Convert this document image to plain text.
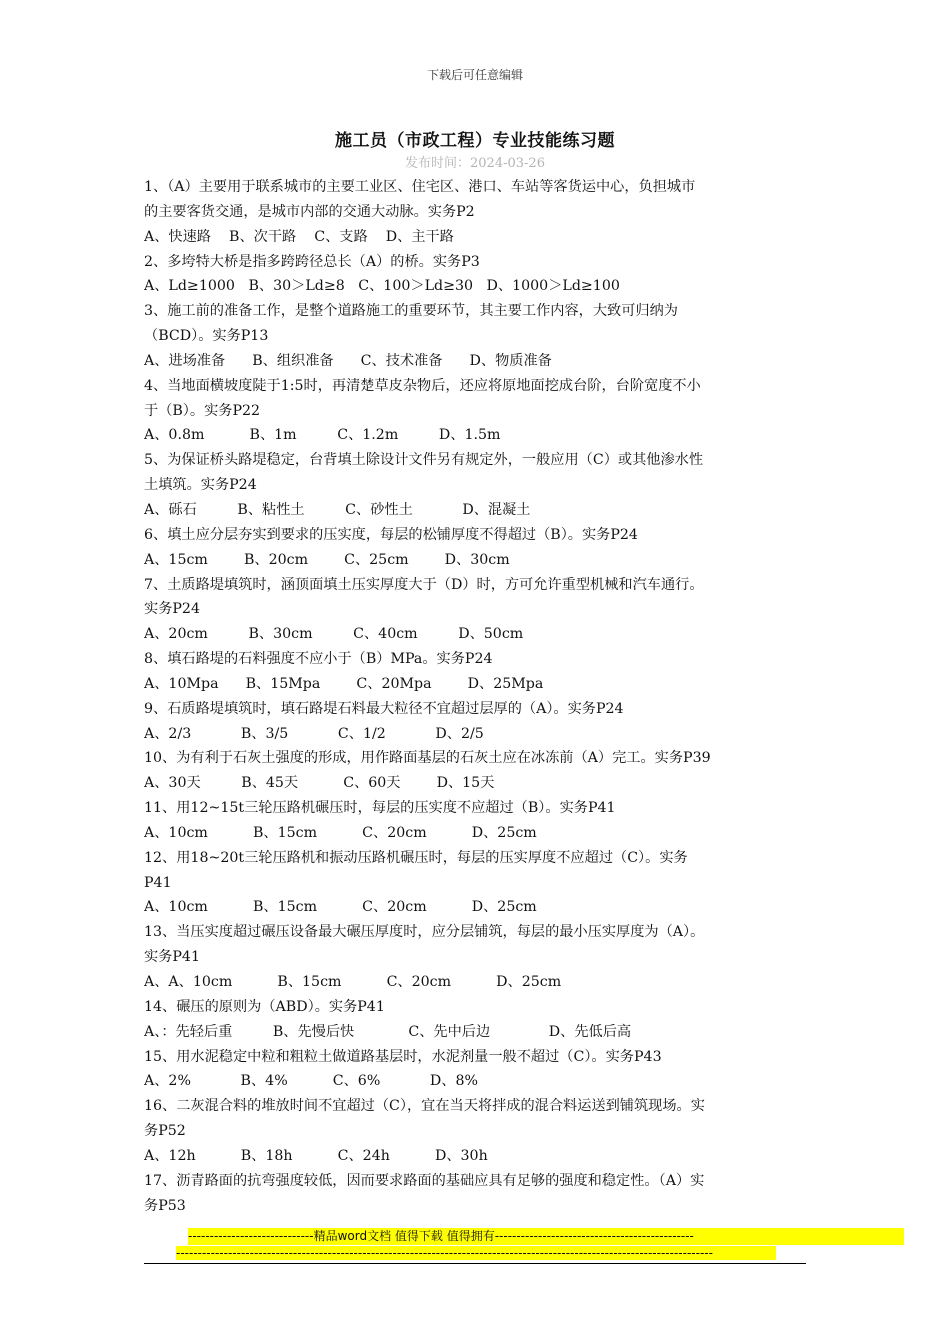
下载后可任意编辑
施工员（市政工程）专业技能练习题
发布时间：2024-03-26
1、（A）主要用于联系城市的主要工业区、住宅区、港口、车站等客货运中心，负担城市
的主要客货交通，是城市内部的交通大动脉。实务P2
A、快速路    B、次干路    C、支路    D、主干路
2、多垮特大桥是指多跨跨径总长（A）的桥。实务P3
A、Ld≥1000   B、30＞Ld≥8   C、100＞Ld≥30   D、1000＞Ld≥100
3、施工前的准备工作，是整个道路施工的重要环节，其主要工作内容，大致可归纳为
（BCD）。实务P13
A、进场准备      B、组织准备      C、技术准备      D、物质准备
4、当地面横坡度陡于1:5时，再清楚草皮杂物后，还应将原地面挖成台阶，台阶宽度不小
于（B）。实务P22
A、0.8m          B、1m         C、1.2m         D、1.5m
5、为保证桥头路堤稳定，台背填土除设计文件另有规定外，一般应用（C）或其他渗水性
土填筑。实务P24
A、砾石         B、粘性土         C、砂性土           D、混凝土
6、填土应分层夯实到要求的压实度，每层的松铺厚度不得超过（B）。实务P24
A、15cm        B、20cm        C、25cm        D、30cm
7、土质路堤填筑时，涵顶面填土压实厚度大于（D）时，方可允许重型机械和汽车通行。
实务P24
A、20cm         B、30cm         C、40cm         D、50cm
8、填石路堤的石料强度不应小于（B）MPa。实务P24
A、10Mpa      B、15Mpa        C、20Mpa        D、25Mpa
9、石质路堤填筑时，填石路堤石料最大粒径不宜超过层厚的（A）。实务P24
A、2/3           B、3/5           C、1/2           D、2/5
10、为有利于石灰土强度的形成，用作路面基层的石灰土应在冰冻前（A）完工。实务P39
A、30天         B、45天          C、60天        D、15天
11、用12~15t三轮压路机碾压时，每层的压实度不应超过（B）。实务P41
A、10cm          B、15cm          C、20cm          D、25cm
12、用18~20t三轮压路机和振动压路机碾压时，每层的压实厚度不应超过（C）。实务
P41
A、10cm          B、15cm          C、20cm          D、25cm
13、当压实度超过碾压设备最大碾压厚度时，应分层铺筑，每层的最小压实厚度为（A）。
实务P41
A、A、10cm          B、15cm          C、20cm          D、25cm
14、碾压的原则为（ABD）。实务P41
A、：先轻后重         B、先慢后快            C、先中后边             D、先低后高
15、用水泥稳定中粒和粗粒土做道路基层时，水泥剂量一般不超过（C）。实务P43
A、2%           B、4%          C、6%           D、8%
16、二灰混合料的堆放时间不宜超过（C），宜在当天将拌成的混合料运送到铺筑现场。实
务P52
A、12h          B、18h          C、24h          D、30h
17、沥青路面的抗弯强度较低，因而要求路面的基础应具有足够的强度和稳定性。（A）实
务P53
-----------------------------精品word文档 值得下载 值得拥有----------------------------------------------
----------------------------------------------------------------------------------------------------------------------------
